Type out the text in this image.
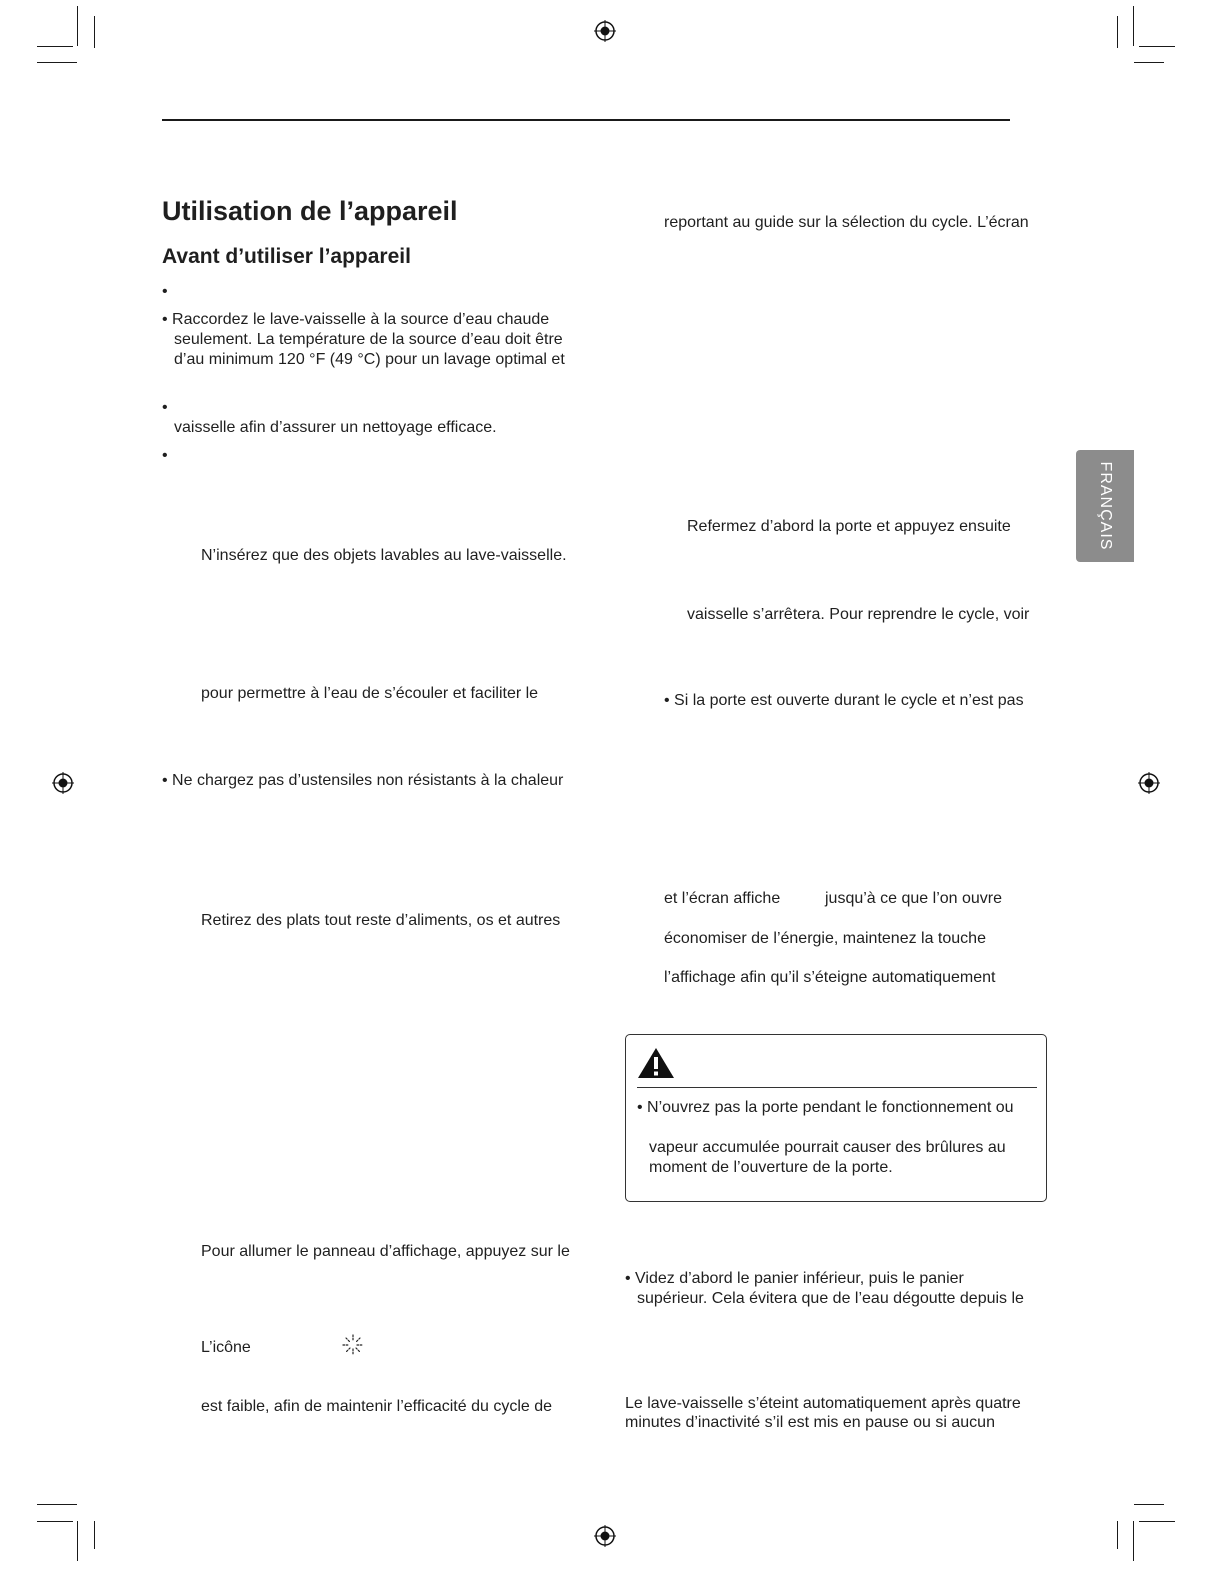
FRANÇAIS
Utilisation de l’appareil
Avant d’utiliser l’appareil
•
• Raccordez le lave-vaisselle à la source d’eau chaude
seulement. La température de la source d’eau doit être
d’au minimum 120 °F (49 °C) pour un lavage optimal et
•
vaisselle afin d’assurer un nettoyage efficace.
•
N’insérez que des objets lavables au lave-vaisselle.
pour permettre à l’eau de s’écouler et faciliter le
• Ne chargez pas d’ustensiles non résistants à la chaleur
Retirez des plats tout reste d’aliments, os et autres
Pour allumer le panneau d’affichage, appuyez sur le
L’icône
est faible, afin de maintenir l’efficacité du cycle de
reportant au guide sur la sélection du cycle. L’écran
Refermez d’abord la porte et appuyez ensuite
vaisselle s’arrêtera. Pour reprendre le cycle, voir
• Si la porte est ouverte durant le cycle et n’est pas
et l’écran affiche	jusqu’à ce que l’on ouvre
économiser de l’énergie, maintenez la touche
l’affichage afin qu’il s’éteigne automatiquement
• N’ouvrez pas la porte pendant le fonctionnement ou
vapeur accumulée pourrait causer des brûlures au
moment de l’ouverture de la porte.
• Videz d’abord le panier inférieur, puis le panier
supérieur. Cela évitera que de l’eau dégoutte depuis le
Le lave-vaisselle s’éteint automatiquement après quatre
minutes d’inactivité s’il est mis en pause ou si aucun
